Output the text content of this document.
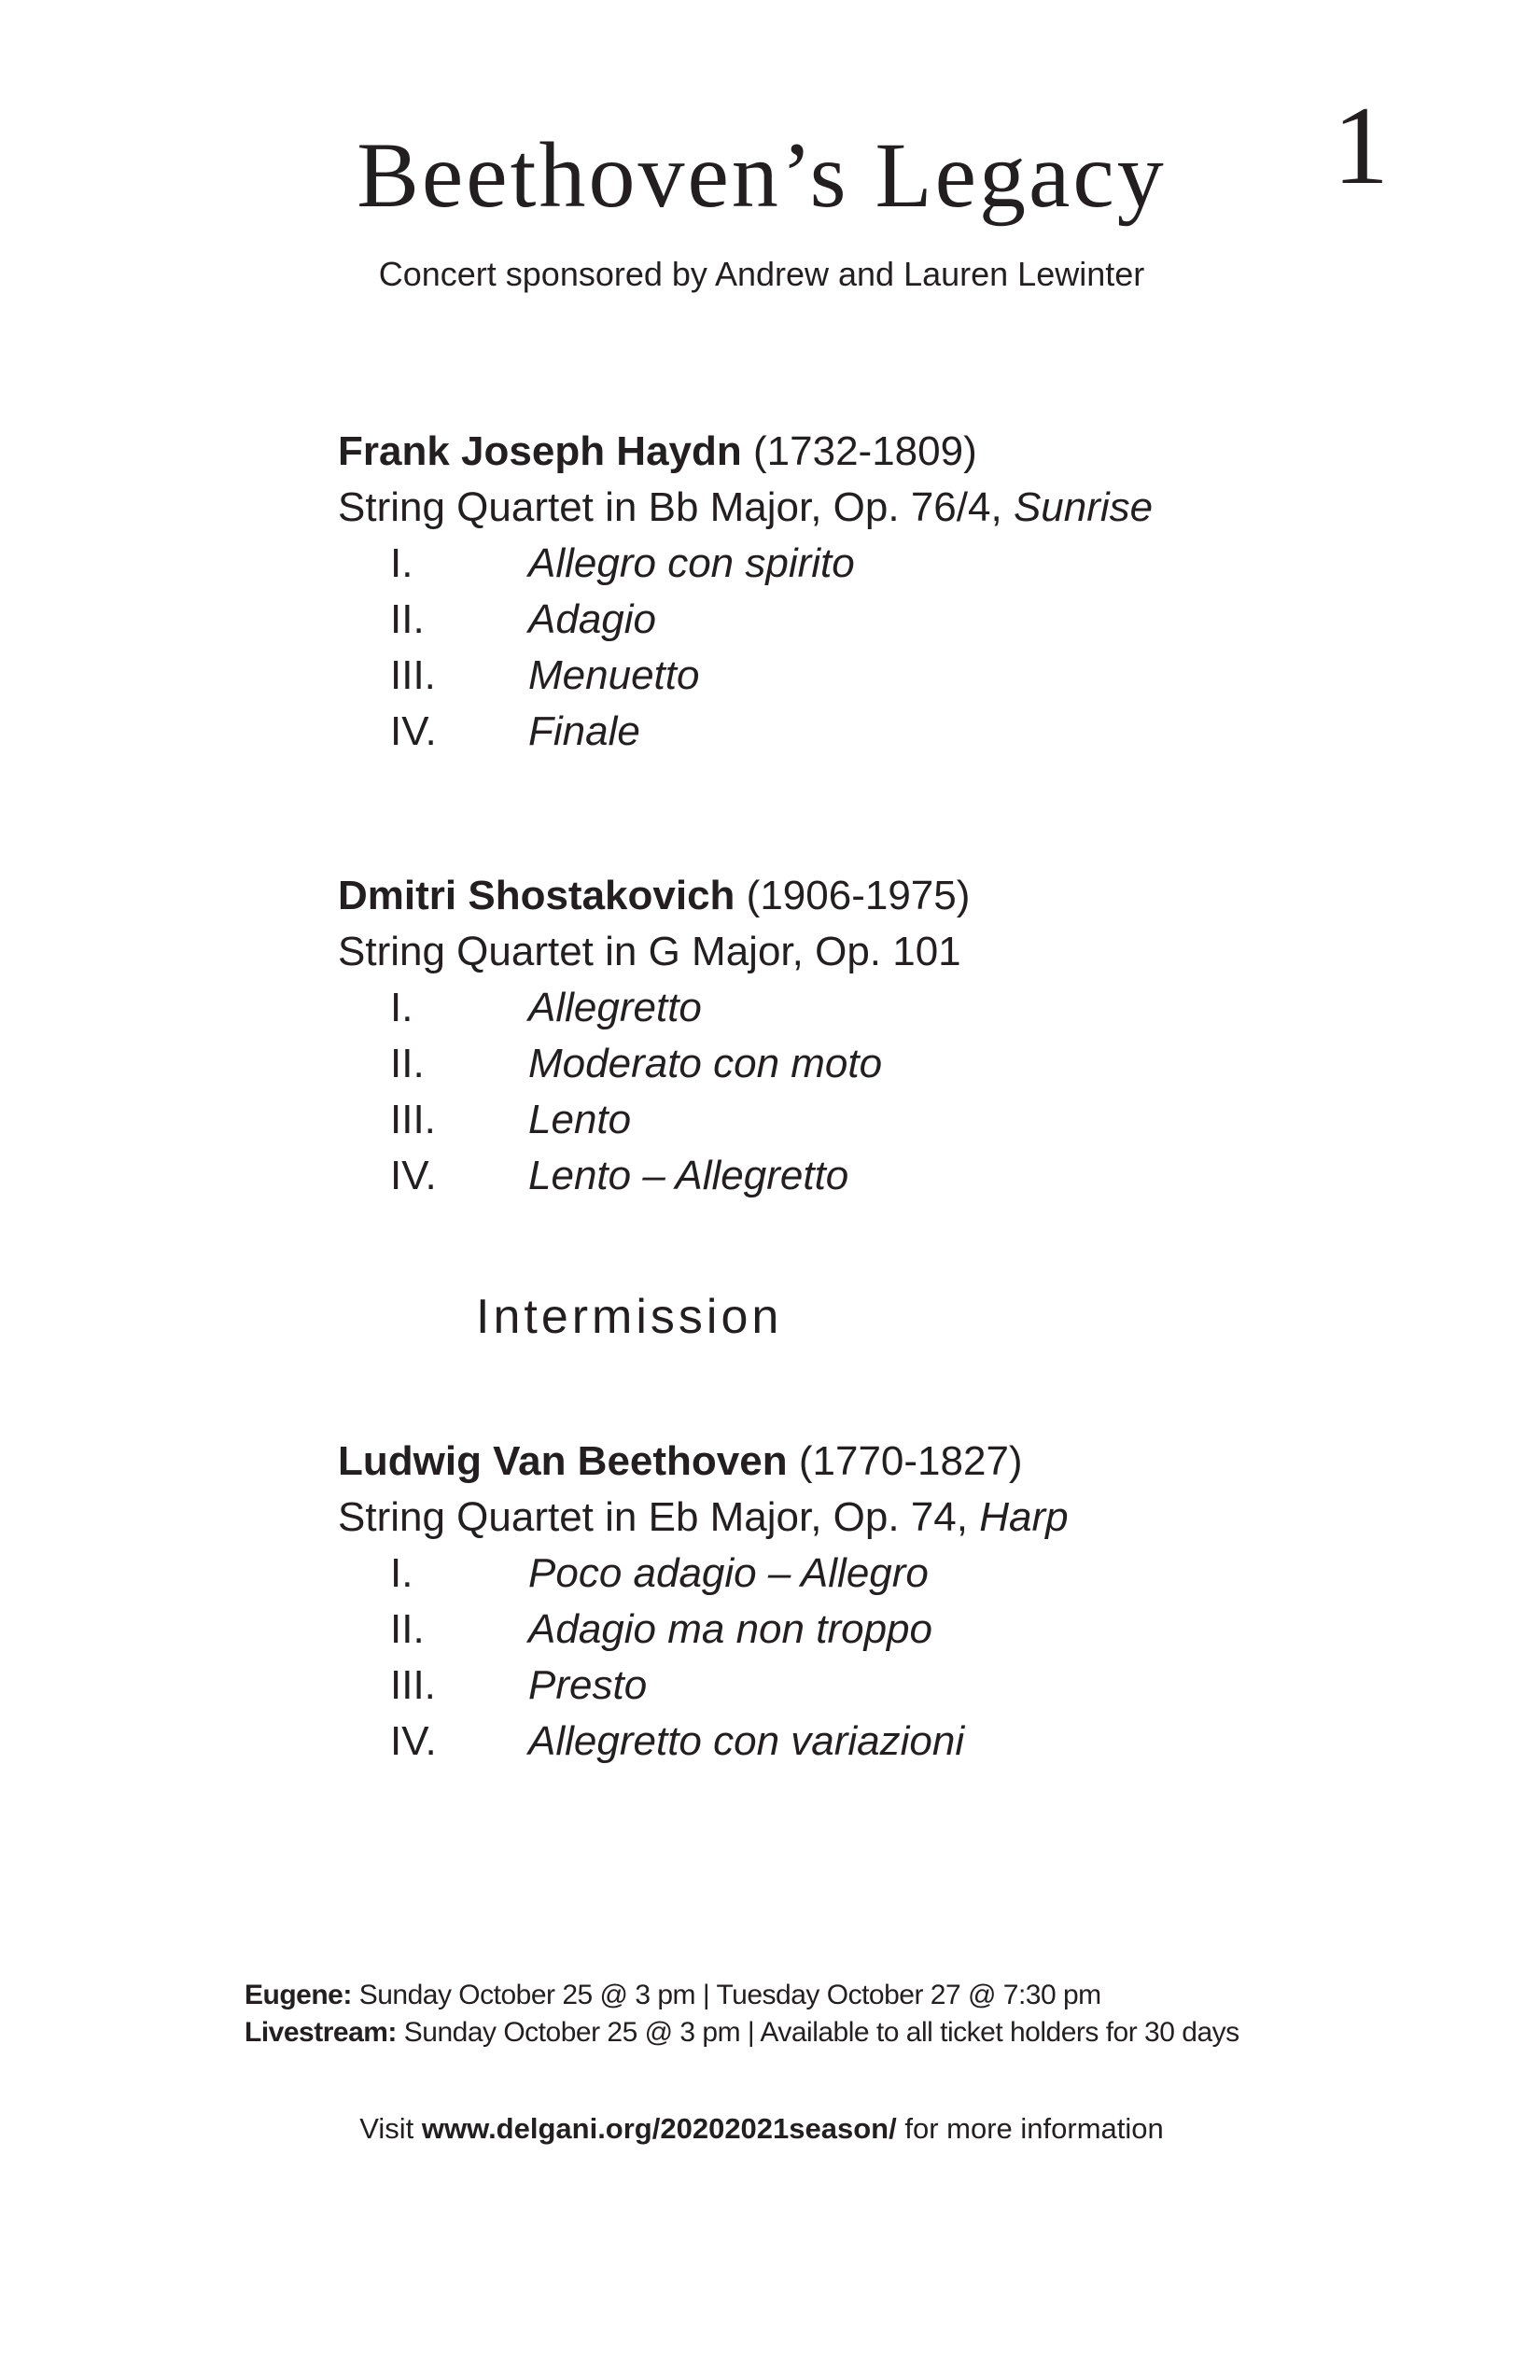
1
Beethoven’s Legacy
Concert sponsored by Andrew and Lauren Lewinter
Frank Joseph Haydn (1732-1809)
String Quartet in Bb Major, Op. 76/4, Sunrise
I.	Allegro con spirito
II.	Adagio
III.	Menuetto
IV.	Finale
Dmitri Shostakovich (1906-1975)
String Quartet in G Major, Op. 101
I.	Allegretto
II.	Moderato con moto
III.	Lento
IV.	Lento – Allegretto
Intermission
Ludwig Van Beethoven (1770-1827)
String Quartet in Eb Major, Op. 74, Harp
I.	Poco adagio – Allegro
II.	Adagio ma non troppo
III.	Presto
IV.	Allegretto con variazioni
Eugene: Sunday October 25 @ 3 pm | Tuesday October 27 @ 7:30 pm
Livestream: Sunday October 25 @ 3 pm | Available to all ticket holders for 30 days
Visit www.delgani.org/20202021season/ for more information
